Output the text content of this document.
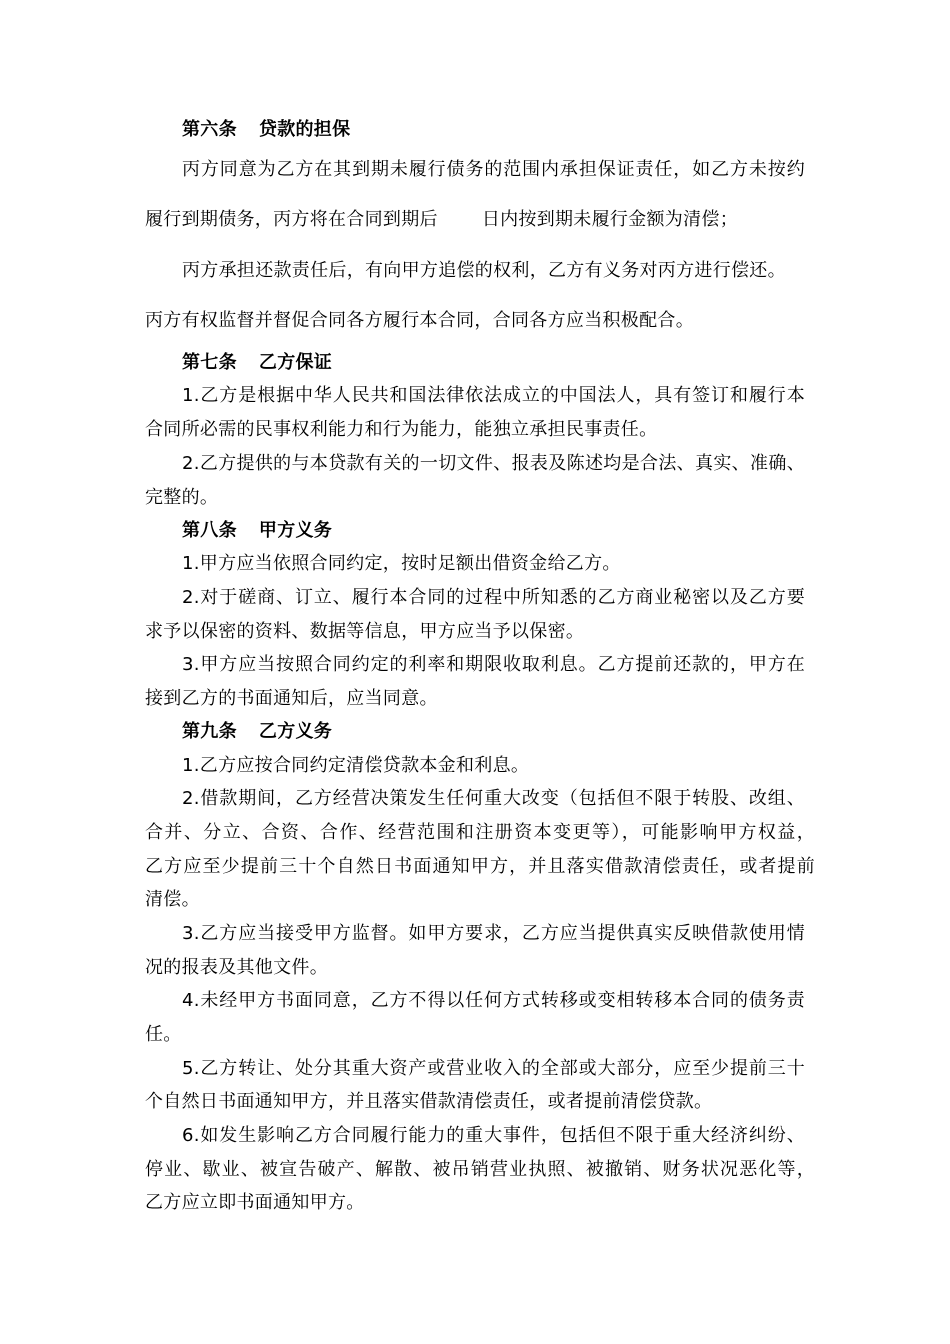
第六条 贷款的担保
丙方同意为乙方在其到期未履行债务的范围内承担保证责任，如乙方未按约
履行到期债务，丙方将在合同到期后 日内按到期未履行金额为清偿；
丙方承担还款责任后，有向甲方追偿的权利，乙方有义务对丙方进行偿还。
丙方有权监督并督促合同各方履行本合同，合同各方应当积极配合。
第七条 乙方保证
1.乙方是根据中华人民共和国法律依法成立的中国法人，具有签订和履行本
合同所必需的民事权利能力和行为能力，能独立承担民事责任。
2.乙方提供的与本贷款有关的一切文件、报表及陈述均是合法、真实、准确、
完整的。
第八条 甲方义务
1.甲方应当依照合同约定，按时足额出借资金给乙方。
2.对于磋商、订立、履行本合同的过程中所知悉的乙方商业秘密以及乙方要
求予以保密的资料、数据等信息，甲方应当予以保密。
3.甲方应当按照合同约定的利率和期限收取利息。乙方提前还款的，甲方在
接到乙方的书面通知后，应当同意。
第九条 乙方义务
1.乙方应按合同约定清偿贷款本金和利息。
2.借款期间，乙方经营决策发生任何重大改变（包括但不限于转股、改组、
合并、分立、合资、合作、经营范围和注册资本变更等），可能影响甲方权益，
乙方应至少提前三十个自然日书面通知甲方，并且落实借款清偿责任，或者提前
清偿。
3.乙方应当接受甲方监督。如甲方要求，乙方应当提供真实反映借款使用情
况的报表及其他文件。
4.未经甲方书面同意，乙方不得以任何方式转移或变相转移本合同的债务责
任。
5.乙方转让、处分其重大资产或营业收入的全部或大部分，应至少提前三十
个自然日书面通知甲方，并且落实借款清偿责任，或者提前清偿贷款。
6.如发生影响乙方合同履行能力的重大事件，包括但不限于重大经济纠纷、
停业、歇业、被宣告破产、解散、被吊销营业执照、被撤销、财务状况恶化等，
乙方应立即书面通知甲方。
